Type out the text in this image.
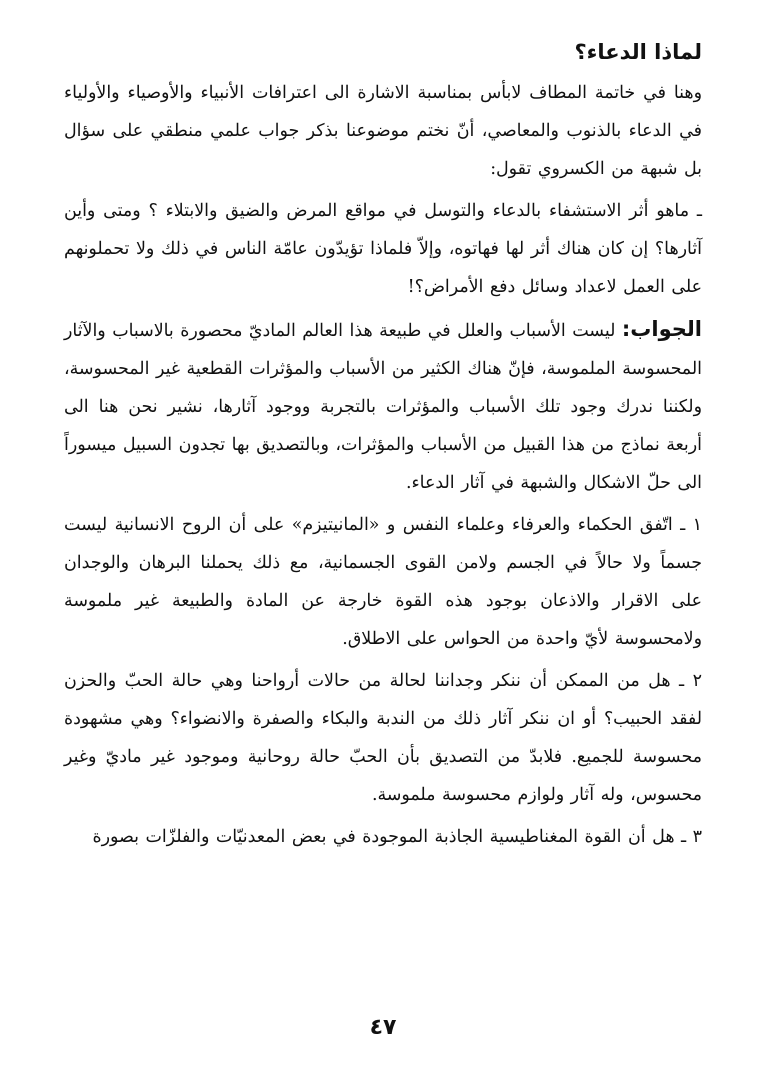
لماذا الدعاء؟

وهنا في خاتمة المطاف لابأس بمناسبة الاشارة الى اعترافات الأنبياء والأوصياء والأولياء في الدعاء بالذنوب والمعاصي، أنّ نختم موضوعنا بذكر جواب علمي منطقي على سؤال بل شبهة من الكسروي تقول:

ـ ماهو أثر الاستشفاء بالدعاء والتوسل في مواقع المرض والضيق والابتلاء ؟ ومتى وأين آثارها؟ إن كان هناك أثر لها فهاتوه، وإلاّ فلماذا تؤيدّون عامّة الناس في ذلك ولا تحملونهم على العمل لاعداد وسائل دفع الأمراض؟!

الجواب: ليست الأسباب والعلل في طبيعة هذا العالم الماديّ محصورة بالاسباب والآثار المحسوسة الملموسة، فإنّ هناك الكثير من الأسباب والمؤثرات القطعية غير المحسوسة، ولكننا ندرك وجود تلك الأسباب والمؤثرات بالتجربة ووجود آثارها، نشير نحن هنا الى أربعة نماذج من هذا القبيل من الأسباب والمؤثرات، وبالتصديق بها تجدون السبيل ميسوراً الى حلّ الاشكال والشبهة في آثار الدعاء.

١ ـ اتّفق الحكماء والعرفاء وعلماء النفس و «المانيتيزم» على أن الروح الانسانية ليست جسماً ولا حالاً في الجسم ولامن القوى الجسمانية، مع ذلك يحملنا البرهان والوجدان على الاقرار والاذعان بوجود هذه القوة خارجة عن المادة والطبيعة غير ملموسة ولامحسوسة لأيّ واحدة من الحواس على الاطلاق.

٢ ـ هل من الممكن أن ننكر وجداننا لحالة من حالات أرواحنا وهي حالة الحبّ والحزن لفقد الحبيب؟ أو ان ننكر آثار ذلك من الندبة والبكاء والصفرة والانضواء؟ وهي مشهودة محسوسة للجميع. فلابدّ من التصديق بأن الحبّ حالة روحانية وموجود غير ماديّ وغير محسوس، وله آثار ولوازم محسوسة ملموسة.

٣ ـ هل أن القوة المغناطيسية الجاذبة الموجودة في بعض المعدنيّات والفلزّات بصورة

٤٧
